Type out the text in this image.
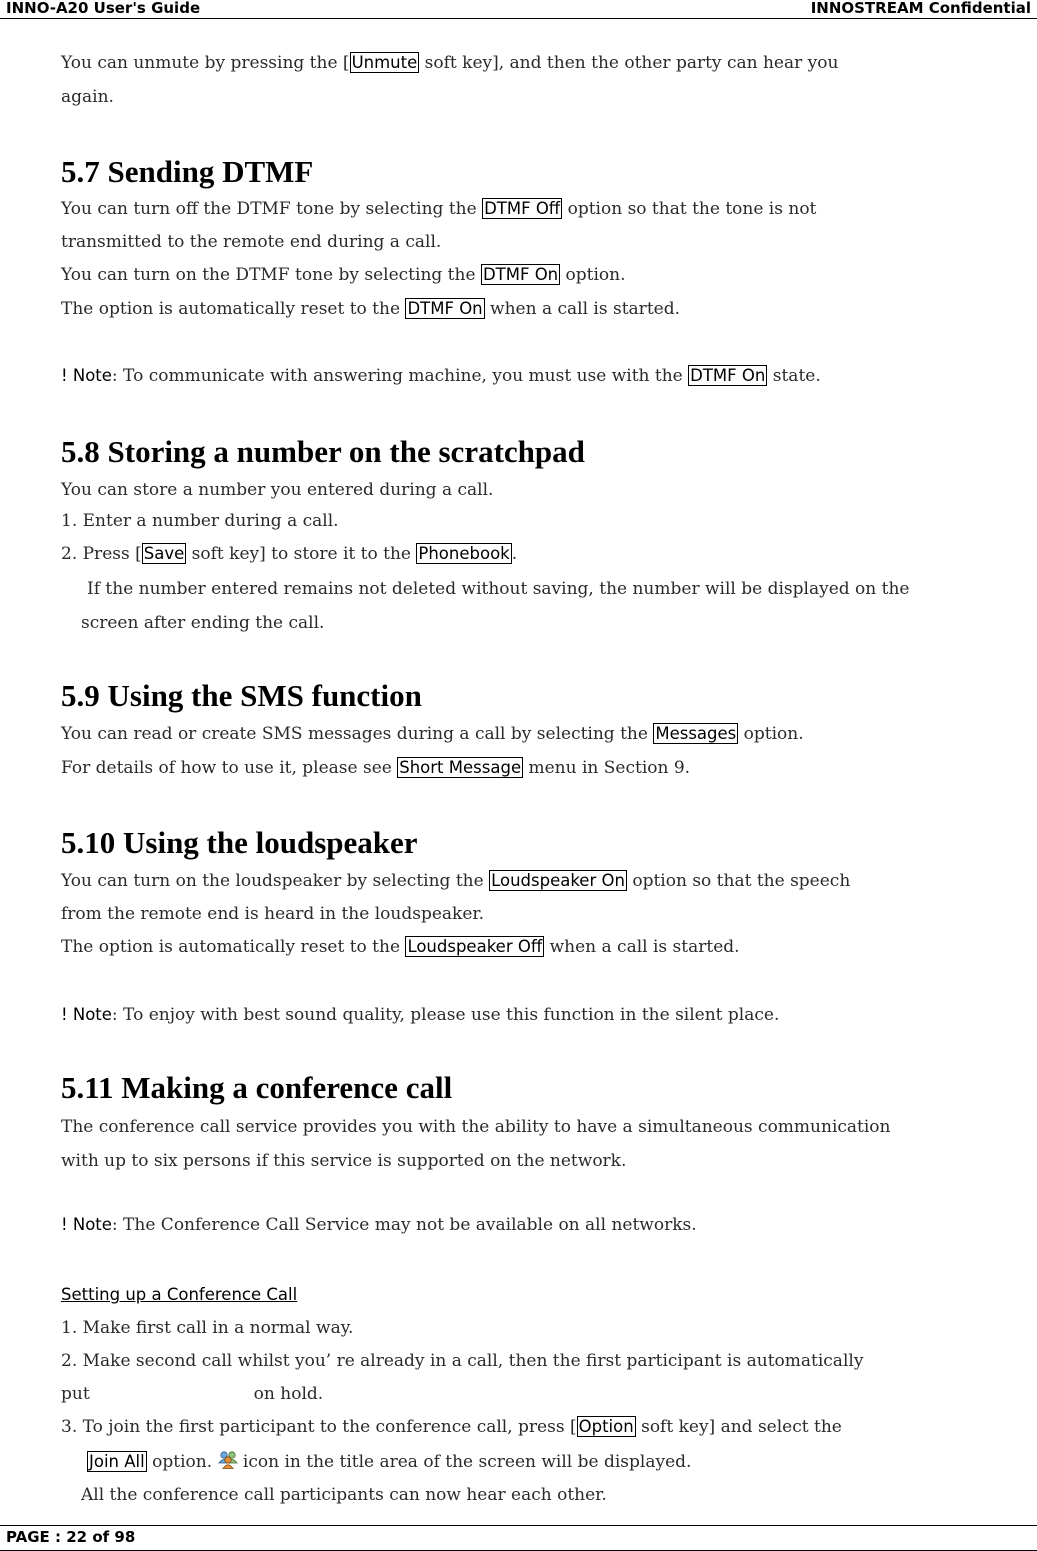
INNO-A20 User's Guide	INNOSTREAM Confidential
You can unmute by pressing the [ Unmute soft key], and then the other party can hear you
again.
5.7 Sending DTMF
You can turn off the DTMF tone by selecting the DTMF Off option so that the tone is not
transmitted to the remote end during a call.
You can turn on the DTMF tone by selecting the DTMF On option.
The option is automatically reset to the DTMF On when a call is started.
! Note: To communicate with answering machine, you must use with the DTMF On state.
5.8 Storing a number on the scratchpad
You can store a number you entered during a call.
1. Enter a number during a call.
2. Press [ Save soft key] to store it to the Phonebook .
If the number entered remains not deleted without saving, the number will be displayed on the
screen after ending the call.
5.9 Using the SMS function
You can read or create SMS messages during a call by selecting the Messages option.
For details of how to use it, please see Short Message menu in Section 9.
5.10 Using the loudspeaker
You can turn on the loudspeaker by selecting the Loudspeaker On option so that the speech
from the remote end is heard in the loudspeaker.
The option is automatically reset to the Loudspeaker Off when a call is started.
! Note: To enjoy with best sound quality, please use this function in the silent place.
5.11 Making a conference call
The conference call service provides you with the ability to have a simultaneous communication
with up to six persons if this service is supported on the network.
! Note: The Conference Call Service may not be available on all networks.
Setting up a Conference Call
1. Make first call in a normal way.
2. Make second call whilst you’ re already in a call, then the first participant is automatically
put	on hold.
3. To join the first participant to the conference call, press [ Option soft key] and select the
Join All option.  icon in the title area of the screen will be displayed.
All the conference call participants can now hear each other.
PAGE : 22 of 98
